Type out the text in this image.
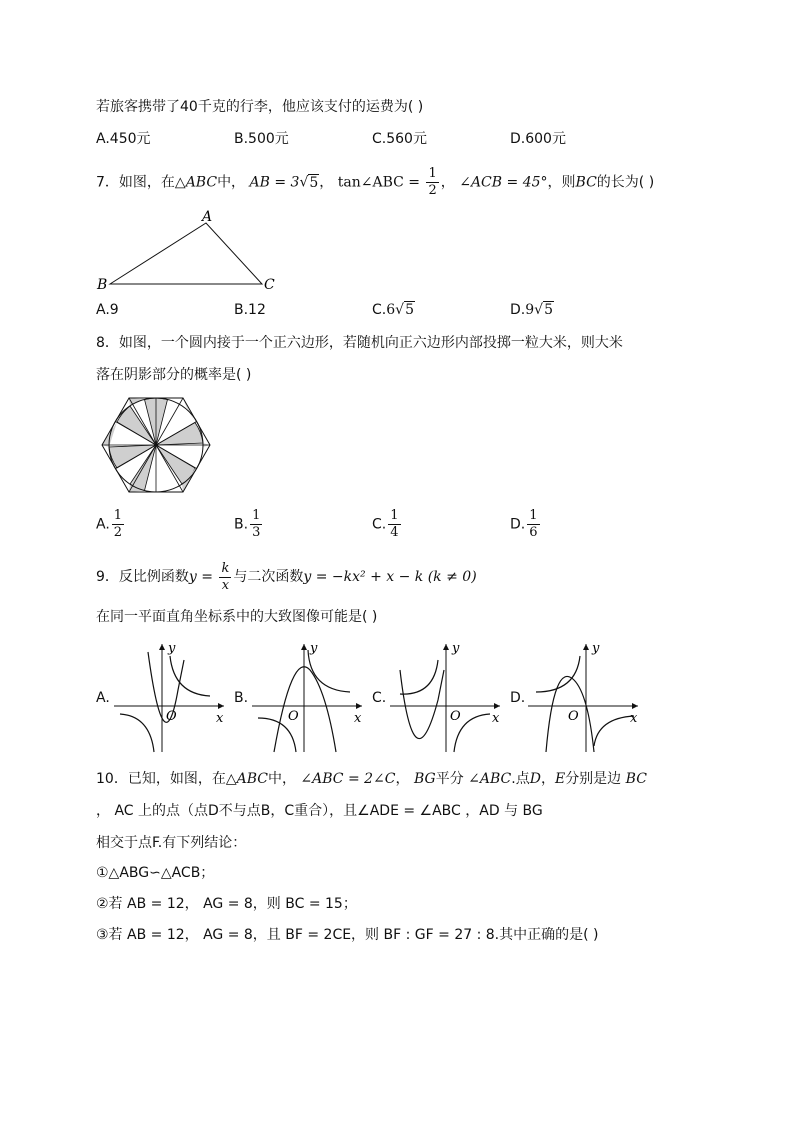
若旅客携带了40千克的行李，他应该支付的运费为( )
A.450元	B.500元	C.560元	D.600元
7．如图，在△ABC中， AB = 3√5， tan∠ABC = $\frac{1}{2}$ ， ∠ACB = 45°，则BC的长为( )
A
B	C
A.9	B.12	C.6√5	D.9√5
8．如图，一个圆内接于一个正六边形，若随机向正六边形内部投掷一粒大米，则大米
落在阴影部分的概率是( )
A. $\frac{1}{2}$	B. $\frac{1}{3}$	C. $\frac{1}{4}$	D. $\frac{1}{6}$
9．反比例函数$y = \frac{k}{x}$ 与二次函数y = −kx² + x − k (k ≠ 0)
在同一平面直角坐标系中的大致图像可能是( )
A.
y
x
O
B.
y
x
O
C.
y
x
O
D.
y
x
O
10．已知，如图，在△ABC中， ∠ABC = 2∠C， BG平分 ∠ABC.点D，E分别是边 BC
， AC 上的点（点D不与点B，C重合），且∠ADE = ∠ABC ，AD 与 BG
相交于点F.有下列结论：
①△ABG∽△ACB；
②若 AB = 12， AG = 8，则 BC = 15；
③若 AB = 12， AG = 8，且 BF = 2CE，则 BF : GF = 27 : 8.其中正确的是( )
